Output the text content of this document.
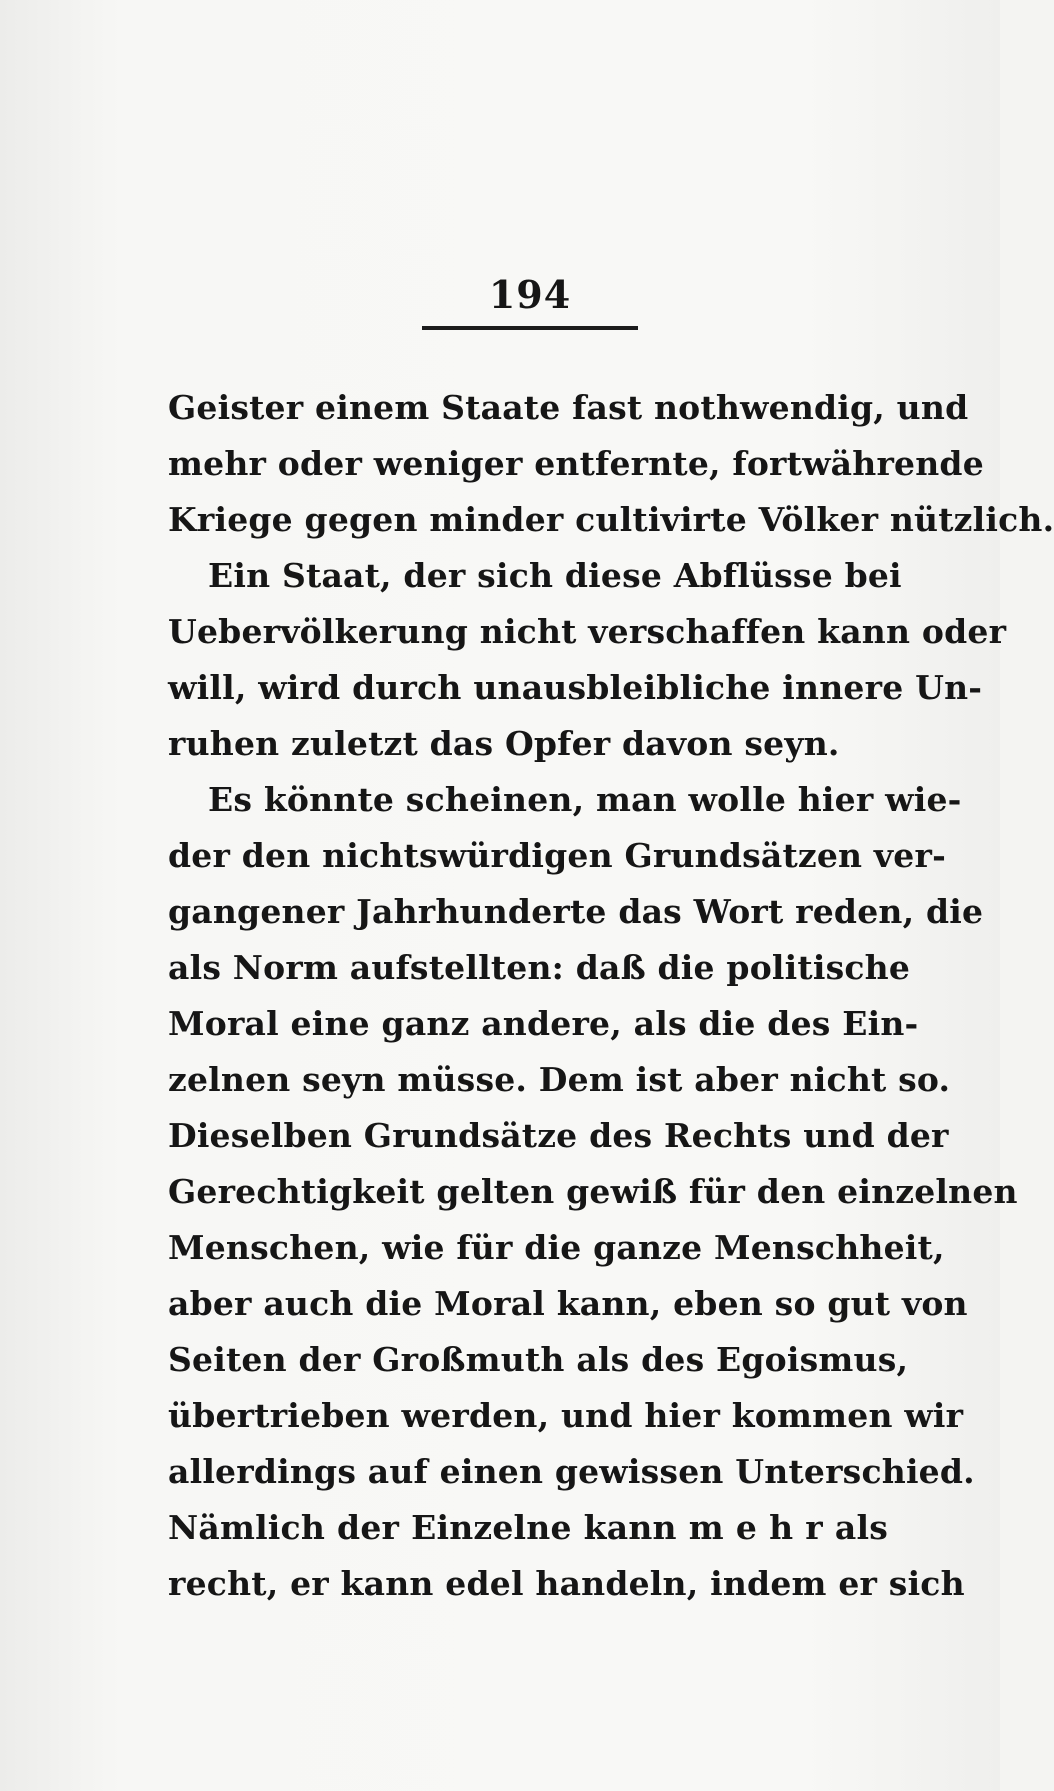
194
Geister einem Staate fast nothwendig, und
mehr oder weniger entfernte, fortwährende
Kriege gegen minder cultivirte Völker nützlich.
Ein Staat, der sich diese Abflüsse bei
Uebervölkerung nicht verschaffen kann oder
will, wird durch unausbleibliche innere Un-
ruhen zuletzt das Opfer davon seyn.
Es könnte scheinen, man wolle hier wie-
der den nichtswürdigen Grundsätzen ver-
gangener Jahrhunderte das Wort reden, die
als Norm aufstellten: daß die politische
Moral eine ganz andere, als die des Ein-
zelnen seyn müsse. Dem ist aber nicht so.
Dieselben Grundsätze des Rechts und der
Gerechtigkeit gelten gewiß für den einzelnen
Menschen, wie für die ganze Menschheit,
aber auch die Moral kann, eben so gut von
Seiten der Großmuth als des Egoismus,
übertrieben werden, und hier kommen wir
allerdings auf einen gewissen Unterschied.
Nämlich der Einzelne kann m e h r als
recht, er kann edel handeln, indem er sich
